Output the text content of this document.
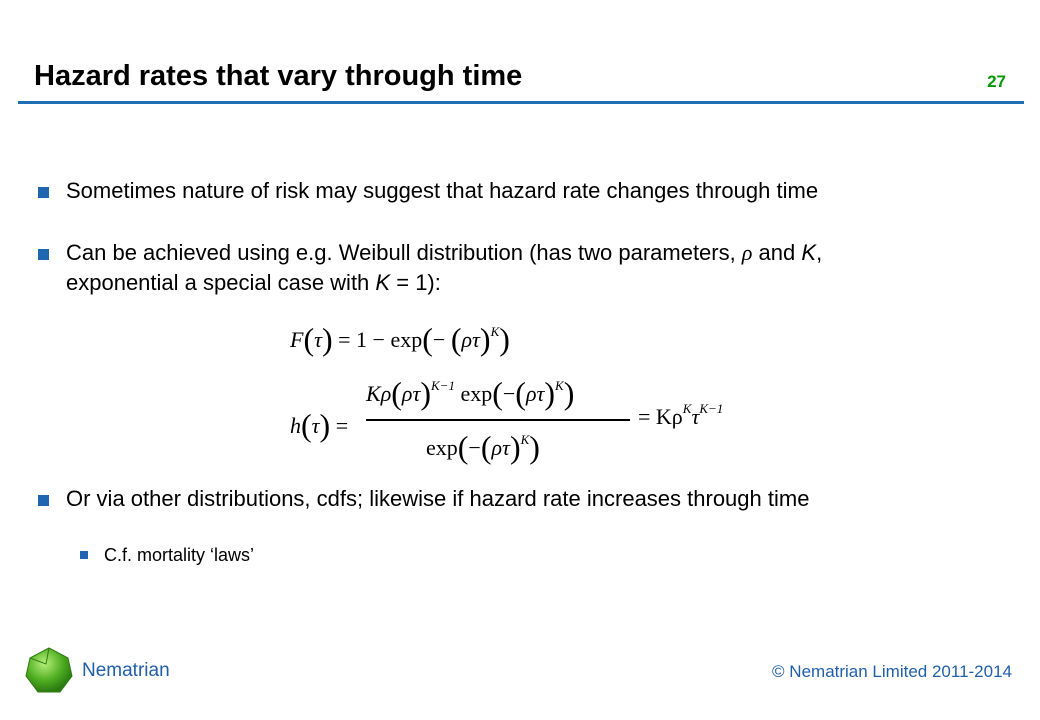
Hazard rates that vary through time	27
Sometimes nature of risk may suggest that hazard rate changes through time
Can be achieved using e.g. Weibull distribution (has two parameters, ρ and K,
exponential a special case with K = 1):
$F(\tau) = 1 - \exp(- (\rho\tau)^K)$
h(τ) =
$K\rho(\rho\tau)^{K-1}$ $\exp(-(\rho\tau)^K)$
$\exp(-(\rho\tau)^K)$
= $K\rho^K\tau^{K-1}$
Or via other distributions, cdfs; likewise if hazard rate increases through time
C.f. mortality ‘laws’
Nematrian	© Nematrian Limited 2011-2014
